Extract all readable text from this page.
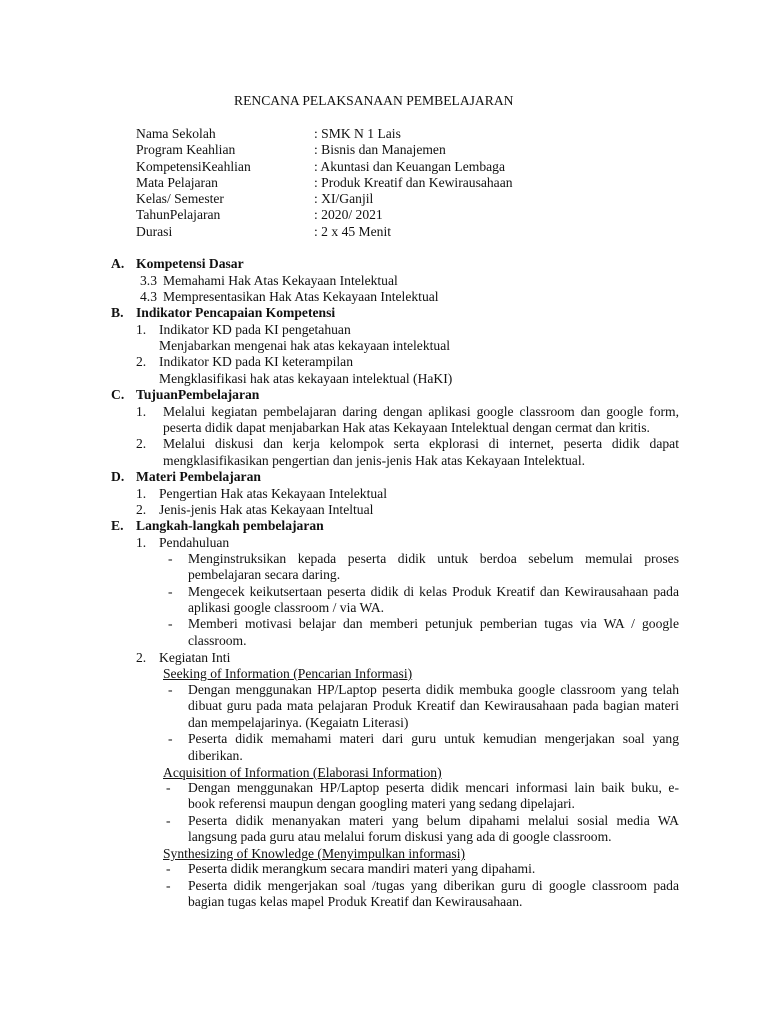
RENCANA PELAKSANAAN PEMBELAJARAN
Nama Sekolah	: SMK N 1 Lais
Program Keahlian	: Bisnis dan Manajemen
KompetensiKeahlian	: Akuntasi dan Keuangan Lembaga
Mata Pelajaran	: Produk Kreatif dan Kewirausahaan
Kelas/ Semester	: XI/Ganjil
TahunPelajaran	: 2020/ 2021
Durasi	: 2 x 45 Menit
A. Kompetensi Dasar
3.3 Memahami Hak Atas Kekayaan Intelektual
4.3 Mempresentasikan Hak Atas Kekayaan Intelektual
B. Indikator Pencapaian Kompetensi
1. Indikator KD pada KI pengetahuan
Menjabarkan mengenai hak atas kekayaan intelektual
2. Indikator KD pada KI keterampilan
Mengklasifikasi hak atas kekayaan intelektual (HaKI)
C. TujuanPembelajaran
1. Melalui kegiatan pembelajaran daring dengan aplikasi google classroom dan google form,
peserta didik dapat menjabarkan Hak atas Kekayaan Intelektual dengan cermat dan kritis.
2. Melalui diskusi dan kerja kelompok serta ekplorasi di internet, peserta didik dapat
mengklasifikasikan pengertian dan jenis-jenis Hak atas Kekayaan Intelektual.
D. Materi Pembelajaran
1. Pengertian Hak atas Kekayaan Intelektual
2. Jenis-jenis Hak atas Kekayaan Inteltual
E. Langkah-langkah pembelajaran
1. Pendahuluan
- Menginstruksikan kepada peserta didik untuk berdoa sebelum memulai proses
pembelajaran secara daring.
- Mengecek keikutsertaan peserta didik di kelas Produk Kreatif dan Kewirausahaan pada
aplikasi google classroom / via WA.
- Memberi motivasi belajar dan memberi petunjuk pemberian tugas via WA / google
classroom.
2. Kegiatan Inti
Seeking of Information (Pencarian Informasi)
- Dengan menggunakan HP/Laptop peserta didik membuka google classroom yang telah
dibuat guru pada mata pelajaran Produk Kreatif dan Kewirausahaan pada bagian materi
dan mempelajarinya. (Kegaiatn Literasi)
- Peserta didik memahami materi dari guru untuk kemudian mengerjakan soal yang
diberikan.
Acquisition of Information (Elaborasi Information)
- Dengan menggunakan HP/Laptop peserta didik mencari informasi lain baik buku, e-
book referensi maupun dengan googling materi yang sedang dipelajari.
- Peserta didik menanyakan materi yang belum dipahami melalui sosial media WA
langsung pada guru atau melalui forum diskusi yang ada di google classroom.
Synthesizing of Knowledge (Menyimpulkan informasi)
- Peserta didik merangkum secara mandiri materi yang dipahami.
- Peserta didik mengerjakan soal /tugas yang diberikan guru di google classroom pada
bagian tugas kelas mapel Produk Kreatif dan Kewirausahaan.
